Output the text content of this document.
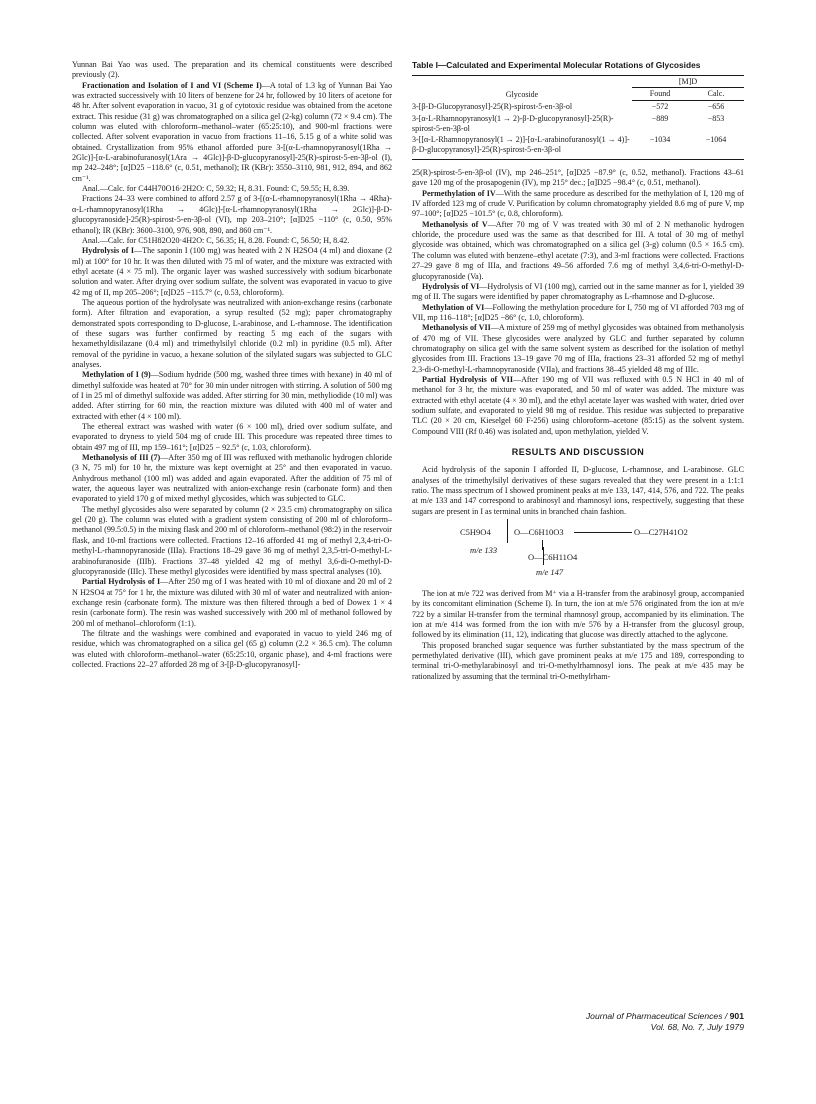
Yunnan Bai Yao was used. The preparation and its chemical constituents were described previously (2).

Fractionation and Isolation of I and VI (Scheme I)—A total of 1.3 kg of Yunnan Bai Yao was extracted successively with 10 liters of benzene for 24 hr, followed by 10 liters of acetone for 48 hr. After solvent evaporation in vacuo, 31 g of cytotoxic residue was obtained from the acetone extract. This residue (31 g) was chromatographed on a silica gel (2-kg) column (72 × 9.4 cm). The column was eluted with chloroform–methanol–water (65:25:10), and 900-ml fractions were collected. After solvent evaporation in vacuo from fractions 11–16, 5.15 g of a white solid was obtained. Crystallization from 95% ethanol afforded pure 3-[(α-L-rhamnopyranosyl(1Rha → 2Glc)]-[α-L-arabinofuranosyl(1Ara → 4Glc)]-β-D-glucopyranosyl]-25(R)-spirost-5-en-3β-ol (I), mp 242–248°; [α]D25 −118.6° (c, 0.51, methanol); IR (KBr): 3550–3110, 981, 912, 894, and 862 cm⁻¹.

Anal.—Calc. for C44H70O16·2H2O: C, 59.32; H, 8.31. Found: C, 59.55; H, 8.39.

Fractions 24–33 were combined to afford 2.57 g of 3-[(α-L-rhamnopyranosyl(1Rha → 4Rha)-α-L-rhamnopyranosyl(1Rha → 4Glc)]-[α-L-rhamnopyranosyl(1Rha → 2Glc)]-β-D-glucopyranoside]-25(R)-spirost-5-en-3β-ol (VI), mp 203–210°; [α]D25 −110° (c, 0.50, 95% ethanol); IR (KBr): 3600–3100, 976, 908, 890, and 860 cm⁻¹.

Anal.—Calc. for C51H82O20·4H2O: C, 56.35; H, 8.28. Found: C, 56.50; H, 8.42.

Hydrolysis of I—The saponin I (100 mg) was heated with 2 N H2SO4 (4 ml) and dioxane (2 ml) at 100° for 10 hr. It was then diluted with 75 ml of water, and the mixture was extracted with ethyl acetate (4 × 75 ml). The organic layer was washed successively with sodium bicarbonate solution and water. After drying over sodium sulfate, the solvent was evaporated in vacuo to give 42 mg of II, mp 205–206°; [α]D25 −115.7° (c, 0.53, chloroform).

The aqueous portion of the hydrolysate was neutralized with anion-exchange resins (carbonate form). After filtration and evaporation, a syrup resulted (52 mg); paper chromatography demonstrated spots corresponding to D-glucose, L-arabinose, and L-rhamnose. The identification of these sugars was further confirmed by reacting 5 mg each of the sugars with hexamethyldisilazane (0.4 ml) and trimethylsilyl chloride (0.2 ml) in pyridine (0.5 ml). After removal of the pyridine in vacuo, a hexane solution of the silylated sugars was subjected to GLC analyses.

Methylation of I (9)—Sodium hydride (500 mg, washed three times with hexane) in 40 ml of dimethyl sulfoxide was heated at 70° for 30 min under nitrogen with stirring. A solution of 500 mg of I in 25 ml of dimethyl sulfoxide was added. After stirring for 30 min, methyliodide (10 ml) was added. After stirring for 60 min, the reaction mixture was diluted with 400 ml of water and extracted with ether (4 × 100 ml).

The ethereal extract was washed with water (6 × 100 ml), dried over sodium sulfate, and evaporated to dryness to yield 504 mg of crude III. This procedure was repeated three times to obtain 497 mg of III, mp 159–161°; [α]D25 − 92.5° (c, 1.03, chloroform).

Methanolysis of III (7)—After 350 mg of III was refluxed with methanolic hydrogen chloride (3 N, 75 ml) for 10 hr, the mixture was kept overnight at 25° and then evaporated in vacuo. Anhydrous methanol (100 ml) was added and again evaporated. After the addition of 75 ml of water, the aqueous layer was neutralized with anion-exchange resin (carbonate form) and then evaporated to yield 170 g of mixed methyl glycosides, which was subjected to GLC.

The methyl glycosides also were separated by column (2 × 23.5 cm) chromatography on silica gel (20 g). The column was eluted with a gradient system consisting of 200 ml of chloroform–methanol (99.5:0.5) in the mixing flask and 200 ml of chloroform–methanol (98:2) in the reservoir flask, and 10-ml fractions were collected. Fractions 12–16 afforded 41 mg of methyl 2,3,4-tri-O-methyl-L-rhamnopyranoside (IIIa). Fractions 18–29 gave 36 mg of methyl 2,3,5-tri-O-methyl-L-arabinofuranoside (IIIb). Fractions 37–48 yielded 42 mg of methyl 3,6-di-O-methyl-D-glucopyranoside (IIIc). These methyl glycosides were identified by mass spectral analyses (10).

Partial Hydrolysis of I—After 250 mg of I was heated with 10 ml of dioxane and 20 ml of 2 N H2SO4 at 75° for 1 hr, the mixture was diluted with 30 ml of water and neutralized with anion-exchange resin (carbonate form). The mixture was then filtered through a bed of Dowex 1 × 4 resin (carbonate form). The resin was washed successively with 200 ml of methanol followed by 200 ml of methanol–chloroform (1:1).

The filtrate and the washings were combined and evaporated in vacuo to yield 246 mg of residue, which was chromatographed on a silica gel (65 g) column (2.2 × 36.5 cm). The column was eluted with chloroform–methanol–water (65:25:10, organic phase), and 4-ml fractions were collected. Fractions 22–27 afforded 28 mg of 3-[β-D-glucopyranosyl]-

Table I—Calculated and Experimental Molecular Rotations of Glycosides

Glycoside	[M]D	
	Found	Calc.
3-[β-D-Glucopyranosyl]-25(R)-spirost-5-en-3β-ol	−572	−656
3-[α-L-Rhamnopyranosyl(1 → 2)-β-D-glucopyranosyl]-25(R)-spirost-5-en-3β-ol	−889	−853
3-[[α-L-Rhamnopyranosyl(1 → 2)]-[α-L-arabinofuranosyl(1 → 4)]-β-D-glucopyranosyl]-25(R)-spirost-5-en-3β-ol	−1034	−1064

25(R)-spirost-5-en-3β-ol (IV), mp 246–251°, [α]D25 −87.9° (c, 0.52, methanol). Fractions 43–61 gave 120 mg of the prosapogenin (IV), mp 215° dec.; [α]D25 −98.4° (c, 0.51, methanol).

Permethylation of IV—With the same procedure as described for the methylation of I, 120 mg of IV afforded 123 mg of crude V. Purification by column chromatography yielded 8.6 mg of pure V, mp 97–100°; [α]D25 −101.5° (c, 0.8, chloroform).

Methanolysis of V—After 70 mg of V was treated with 30 ml of 2 N methanolic hydrogen chloride, the procedure used was the same as that described for III. A total of 30 mg of methyl glycoside was obtained, which was chromatographed on a silica gel (3-g) column (0.5 × 16.5 cm). The column was eluted with benzene–ethyl acetate (7:3), and 3-ml fractions were collected. Fractions 27–29 gave 8 mg of IIIa, and fractions 49–56 afforded 7.6 mg of methyl 3,4,6-tri-O-methyl-D-glucopyranoside (Va).

Hydrolysis of VI—Hydrolysis of VI (100 mg), carried out in the same manner as for I, yielded 39 mg of II. The sugars were identified by paper chromatography as L-rhamnose and D-glucose.

Methylation of VI—Following the methylation procedure for I, 750 mg of VI afforded 703 mg of VII, mp 116–118°; [α]D25 −86° (c, 1.0, chloroform).

Methanolysis of VII—A mixture of 259 mg of methyl glycosides was obtained from methanolysis of 470 mg of VII. These glycosides were analyzed by GLC and further separated by column chromatography on silica gel with the same solvent system as described for the isolation of methyl glycosides from III. Fractions 13–19 gave 70 mg of IIIa, fractions 23–31 afforded 52 mg of methyl 2,3-di-O-methyl-L-rhamnopyranoside (VIIa), and fractions 38–45 yielded 48 mg of IIIc.

Partial Hydrolysis of VII—After 190 mg of VII was refluxed with 0.5 N HCl in 40 ml of methanol for 3 hr, the mixture was evaporated, and 50 ml of water was added. The mixture was extracted with ethyl acetate (4 × 30 ml), and the ethyl acetate layer was washed with water, dried over sodium sulfate, and evaporated to yield 98 mg of residue. This residue was subjected to preparative TLC (20 × 20 cm, Kieselgel 60 F-256) using chloroform–acetone (85:15) as the solvent system. Compound VIII (Rf 0.46) was isolated and, upon methylation, yielded V.

RESULTS AND DISCUSSION

Acid hydrolysis of the saponin I afforded II, D-glucose, L-rhamnose, and L-arabinose. GLC analyses of the trimethylsilyl derivatives of these sugars revealed that they were present in a 1:1:1 ratio. The mass spectrum of I showed prominent peaks at m/e 133, 147, 414, 576, and 722. The peaks at m/e 133 and 147 correspond to arabinosyl and rhamnosyl ions, respectively, suggesting that these sugars are present in I as terminal units in branched chain fashion.

C5H9O4	O—C6H10O3	O—C27H41O2
m/e 133
O—C6H11O4
m/e 147

The ion at m/e 722 was derived from M⁺ via a H-transfer from the arabinosyl group, accompanied by its concomitant elimination (Scheme I). In turn, the ion at m/e 576 originated from the ion at m/e 722 by a similar H-transfer from the terminal rhamnosyl group, accompanied by its elimination. The ion at m/e 414 was formed from the ion with m/e 576 by a H-transfer from the glucosyl group, followed by its elimination (11, 12), indicating that glucose was directly attached to the aglycone.

This proposed branched sugar sequence was further substantiated by the mass spectrum of the permethylated derivative (III), which gave prominent peaks at m/e 175 and 189, corresponding to terminal tri-O-methylarabinosyl and tri-O-methylrhamnosyl ions. The peak at m/e 435 may be rationalized by assuming that the terminal tri-O-methylrham-

Journal of Pharmaceutical Sciences / 901
Vol. 68, No. 7, July 1979
